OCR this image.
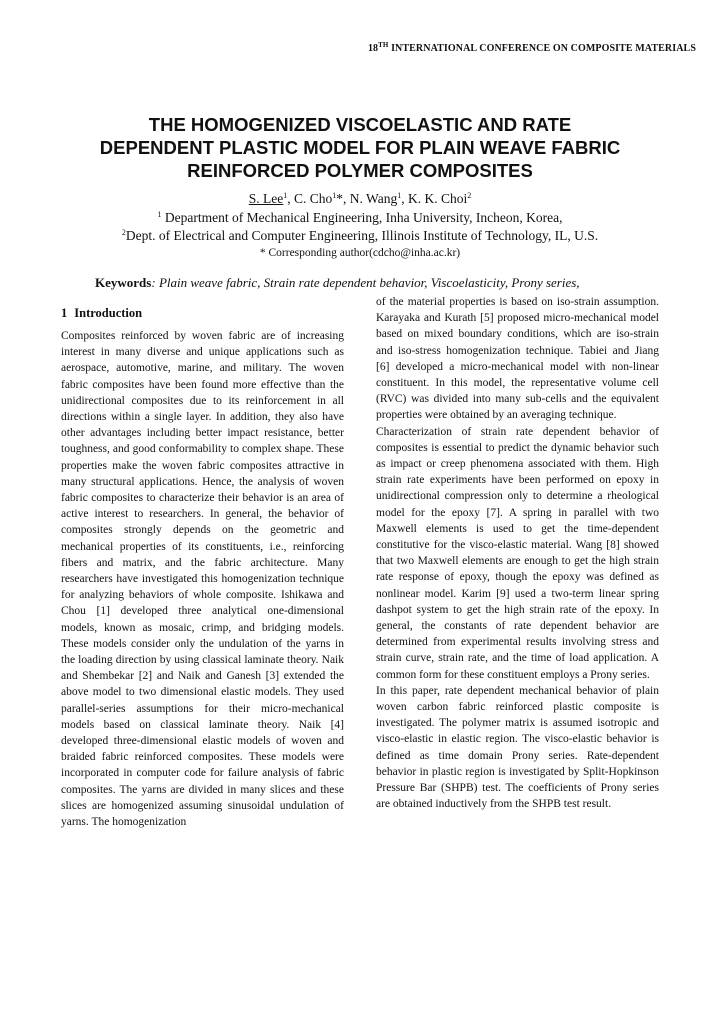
18TH INTERNATIONAL CONFERENCE ON COMPOSITE MATERIALS
THE HOMOGENIZED VISCOELASTIC AND RATE
DEPENDENT PLASTIC MODEL FOR PLAIN WEAVE FABRIC
REINFORCED POLYMER COMPOSITES
S. Lee$^1$, C. Cho$^1$*, N. Wang$^1$, K. K. Choi$^2$
$^1$ Department of Mechanical Engineering, Inha University, Incheon, Korea,
$^2$Dept. of Electrical and Computer Engineering, Illinois Institute of Technology, IL, U.S.
* Corresponding author(cdcho@inha.ac.kr)
Keywords: Plain weave fabric, Strain rate dependent behavior, Viscoelasticity, Prony series,
1 Introduction

Composites reinforced by woven fabric are of increasing interest in many diverse and unique applications such as aerospace, automotive, marine, and military. The woven fabric composites have been found more effective than the unidirectional composites due to its reinforcement in all directions within a single layer. In addition, they also have other advantages including better impact resistance, better toughness, and good conformability to complex shape. These properties make the woven fabric composites attractive in many structural applications. Hence, the analysis of woven fabric composites to characterize their behavior is an area of active interest to researchers. In general, the behavior of composites strongly depends on the geometric and mechanical properties of its constituents, i.e., reinforcing fibers and matrix, and the fabric architecture. Many researchers have investigated this homogenization technique for analyzing behaviors of whole composite. Ishikawa and Chou [1] developed three analytical one-dimensional models, known as mosaic, crimp, and bridging models. These models consider only the undulation of the yarns in the loading direction by using classical laminate theory. Naik and Shembekar [2] and Naik and Ganesh [3] extended the above model to two dimensional elastic models. They used parallel-series assumptions for their micro-mechanical models based on classical laminate theory. Naik [4] developed three-dimensional elastic models of woven and braided fabric reinforced composites. These models were incorporated in computer code for failure analysis of fabric composites. The yarns are divided in many slices and these slices are homogenized assuming sinusoidal undulation of yarns. The homogenization

of the material properties is based on iso-strain assumption. Karayaka and Kurath [5] proposed micro-mechanical model based on mixed boundary conditions, which are iso-strain and iso-stress homogenization technique. Tabiei and Jiang [6] developed a micro-mechanical model with non-linear constituent. In this model, the representative volume cell (RVC) was divided into many sub-cells and the equivalent properties were obtained by an averaging technique.

Characterization of strain rate dependent behavior of composites is essential to predict the dynamic behavior such as impact or creep phenomena associated with them. High strain rate experiments have been performed on epoxy in unidirectional compression only to determine a rheological model for the epoxy [7]. A spring in parallel with two Maxwell elements is used to get the time-dependent constitutive for the visco-elastic material. Wang [8] showed that two Maxwell elements are enough to get the high strain rate response of epoxy, though the epoxy was defined as nonlinear model. Karim [9] used a two-term linear spring dashpot system to get the high strain rate of the epoxy. In general, the constants of rate dependent behavior are determined from experimental results involving stress and strain curve, strain rate, and the time of load application. A common form for these constituent employs a Prony series.

In this paper, rate dependent mechanical behavior of plain woven carbon fabric reinforced plastic composite is investigated. The polymer matrix is assumed isotropic and visco-elastic in elastic region. The visco-elastic behavior is defined as time domain Prony series. Rate-dependent behavior in plastic region is investigated by Split-Hopkinson Pressure Bar (SHPB) test. The coefficients of Prony series are obtained inductively from the SHPB test result.
